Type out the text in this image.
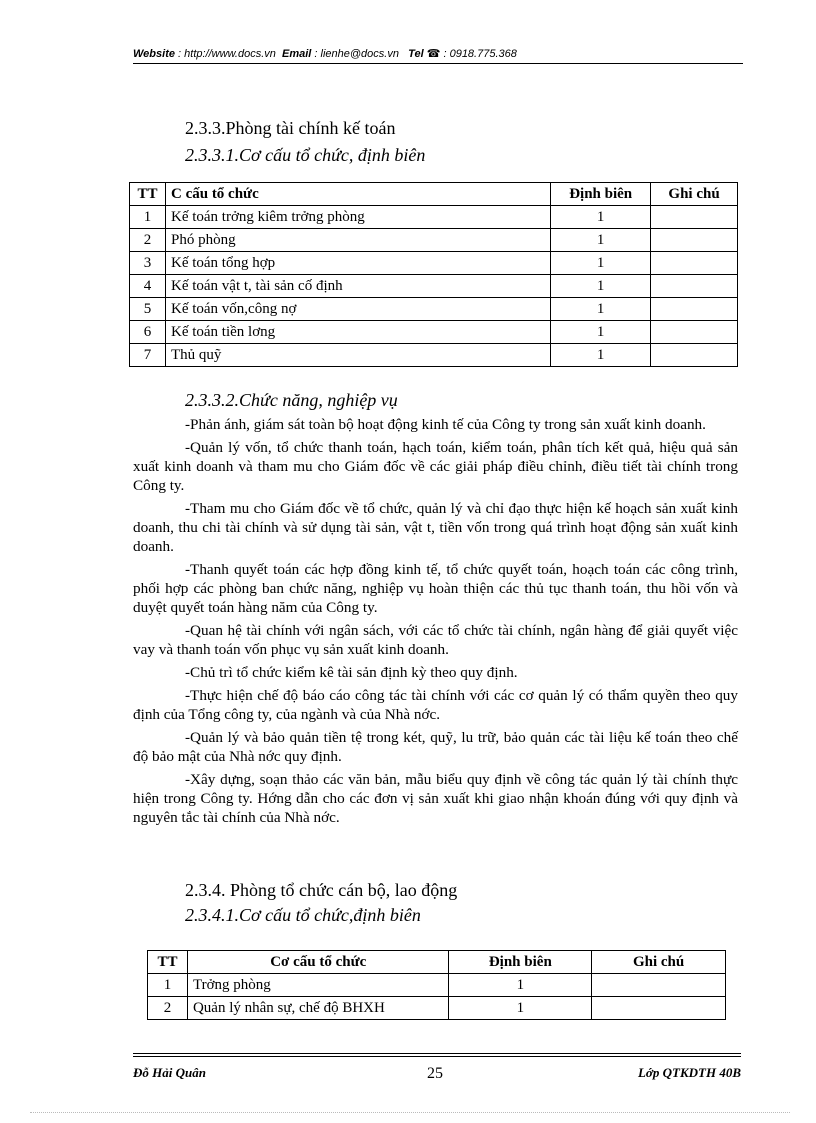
Website : http://www.docs.vn Email : lienhe@docs.vn Tel ☎ : 0918.775.368
2.3.3.Phòng tài chính kế toán
2.3.3.1.Cơ cấu tổ chức, định biên
TT	C cấu tổ chức	Định biên	Ghi chú
1	Kế toán trởng kiêm trởng phòng	1	
2	Phó phòng	1	
3	Kế toán tổng hợp	1	
4	Kế toán vật t, tài sản cố định	1	
5	Kế toán vốn,công nợ	1	
6	Kế toán tiền lơng	1	
7	Thủ quỹ	1	
2.3.3.2.Chức năng, nghiệp vụ

-Phản ánh, giám sát toàn bộ hoạt động kinh tế của Công ty trong sản xuất kinh doanh.

-Quản lý vốn, tổ chức thanh toán, hạch toán, kiểm toán, phân tích kết quả, hiệu quả sản xuất kinh doanh và tham mu cho Giám đốc về các giải pháp điều chỉnh, điều tiết tài chính trong Công ty.

-Tham mu cho Giám đốc về tổ chức, quản lý và chỉ đạo thực hiện kế hoạch sản xuất kinh doanh, thu chi tài chính và sử dụng tài sản, vật t, tiền vốn trong quá trình hoạt động sản xuất kinh doanh.

-Thanh quyết toán các hợp đồng kinh tế, tổ chức quyết toán, hoạch toán các công trình, phối hợp các phòng ban chức năng, nghiệp vụ hoàn thiện các thủ tục thanh toán, thu hồi vốn và duyệt quyết toán hàng năm của Công ty.

-Quan hệ tài chính với ngân sách, với các tổ chức tài chính, ngân hàng để giải quyết việc vay và thanh toán vốn phục vụ sản xuất kinh doanh.

-Chủ trì tổ chức kiểm kê tài sản định kỳ theo quy định.

-Thực hiện chế độ báo cáo công tác tài chính với các cơ quản lý có thẩm quyền theo quy định của Tổng công ty, của ngành và của Nhà nớc.

-Quản lý và bảo quản tiền tệ trong két, quỹ, lu trữ, bảo quản các tài liệu kế toán theo chế độ bảo mật của Nhà nớc quy định.

-Xây dựng, soạn thảo các văn bản, mẫu biểu quy định về công tác quản lý tài chính thực hiện trong Công ty. Hớng dẫn cho các đơn vị sản xuất khi giao nhận khoán đúng với quy định và nguyên tắc tài chính của Nhà nớc.

2.3.4. Phòng tổ chức cán bộ, lao động
2.3.4.1.Cơ cấu tổ chức,định biên
TT	Cơ cấu tổ chức	Định biên	Ghi chú
1	Trởng phòng	1	
2	Quản lý nhân sự, chế độ BHXH	1	
Đỗ Hải Quân	25	Lớp QTKDTH 40B
